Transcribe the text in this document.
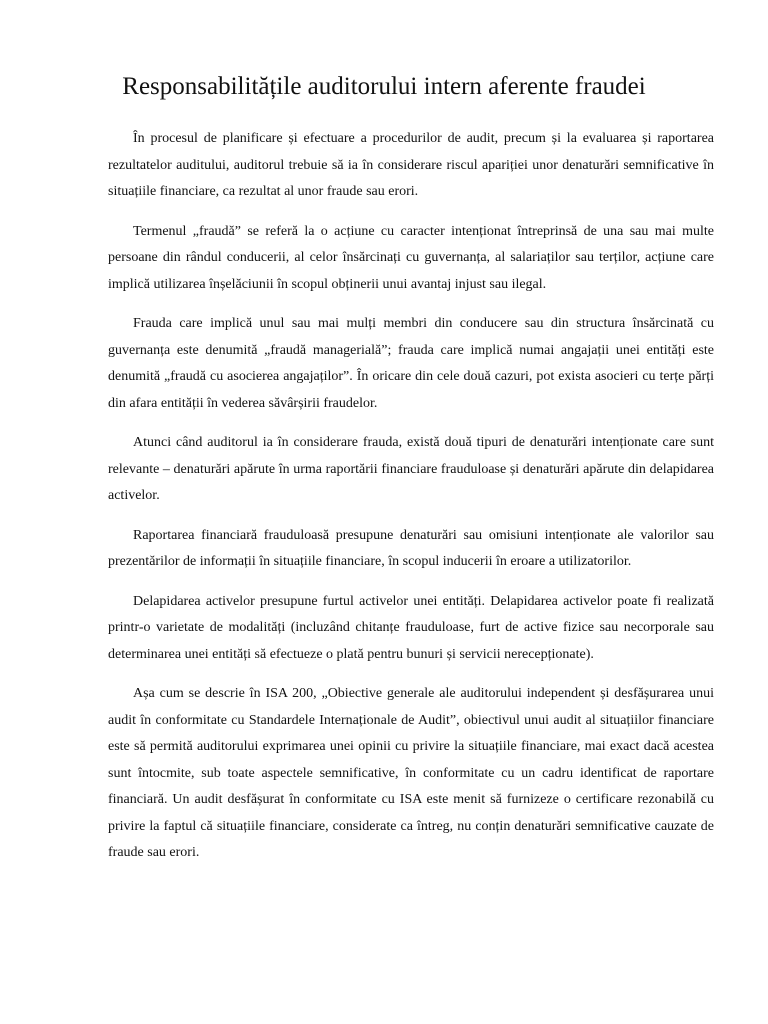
Responsabilitățile auditorului intern aferente fraudei

În procesul de planificare și efectuare a procedurilor de audit, precum și la evaluarea și raportarea rezultatelor auditului, auditorul trebuie să ia în considerare riscul apariției unor denaturări semnificative în situațiile financiare, ca rezultat al unor fraude sau erori.

Termenul „fraudă” se referă la o acțiune cu caracter intenționat întreprinsă de una sau mai multe persoane din rândul conducerii, al celor însărcinați cu guvernanța, al salariaților sau terților, acțiune care implică utilizarea înșelăciunii în scopul obținerii unui avantaj injust sau ilegal.

Frauda care implică unul sau mai mulți membri din conducere sau din structura însărcinată cu guvernanța este denumită „fraudă managerială”; frauda care implică numai angajații unei entități este denumită „fraudă cu asocierea angajaților”. În oricare din cele două cazuri, pot exista asocieri cu terțe părți din afara entității în vederea săvârșirii fraudelor.

Atunci când auditorul ia în considerare frauda, există două tipuri de denaturări intenționate care sunt relevante – denaturări apărute în urma raportării financiare frauduloase și denaturări apărute din delapidarea activelor.

Raportarea financiară frauduloasă presupune denaturări sau omisiuni intenționate ale valorilor sau prezentărilor de informații în situațiile financiare, în scopul inducerii în eroare a utilizatorilor.

Delapidarea activelor presupune furtul activelor unei entități. Delapidarea activelor poate fi realizată printr-o varietate de modalități (incluzând chitanțe frauduloase, furt de active fizice sau necorporale sau determinarea unei entități să efectueze o plată pentru bunuri și servicii nerecepționate).

Așa cum se descrie în ISA 200, „Obiective generale ale auditorului independent și desfășurarea unui audit în conformitate cu Standardele Internaționale de Audit”, obiectivul unui audit al situațiilor financiare este să permită auditorului exprimarea unei opinii cu privire la situațiile financiare, mai exact dacă acestea sunt întocmite, sub toate aspectele semnificative, în conformitate cu un cadru identificat de raportare financiară. Un audit desfășurat în conformitate cu ISA este menit să furnizeze o certificare rezonabilă cu privire la faptul că situațiile financiare, considerate ca întreg, nu conțin denaturări semnificative cauzate de fraude sau erori.
